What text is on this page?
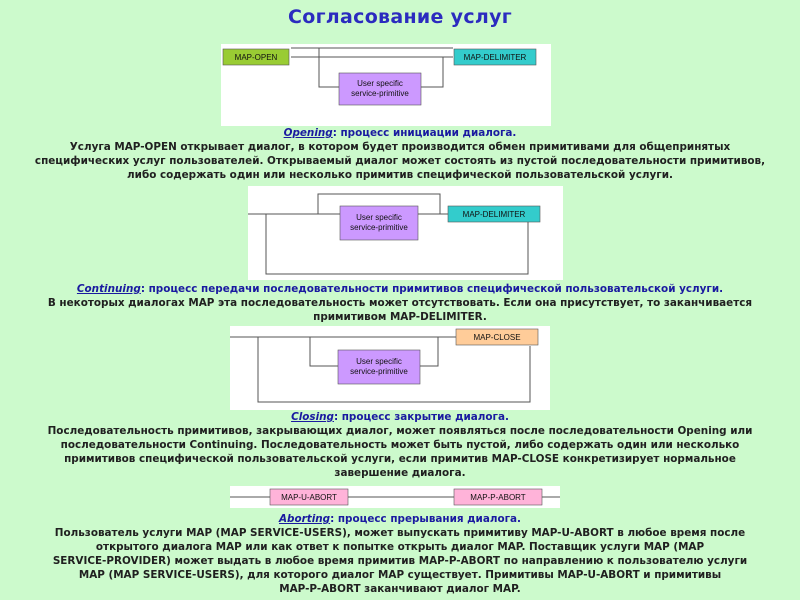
Согласование услуг
MAP-OPEN	MAP-DELIMITER
User specific
service-primitive
Opening: процесс инициации диалога.
Услуга MAP-OPEN открывает диалог, в котором будет производится обмен примитивами для общепринятых
специфических услуг пользователей. Открываемый диалог может состоять из пустой последовательности примитивов,
либо содержать один или несколько примитив специфической пользовательской услуги.
User specific
service-primitive
MAP-DELIMITER
Continuing: процесс передачи последовательности примитивов специфической пользовательской услуги.
В некоторых диалогах MAP эта последовательность может отсутствовать. Если она присутствует, то заканчивается
примитивом MAP-DELIMITER.
MAP-CLOSE
User specific
service-primitive
Closing: процесс закрытие диалога.
Последовательность примитивов, закрывающих диалог, может появляться после последовательности Opening или
последовательности Continuing. Последовательность может быть пустой, либо содержать один или несколько
примитивов специфической пользовательской услуги, если примитив MAP-CLOSE конкретизирует нормальное
завершение диалога.
MAP-U-ABORT	MAP-P-ABORT
Aborting: процесс прерывания диалога.
Пользователь услуги MAP (MAP SERVICE-USERS), может выпускать примитиву MAP-U-ABORT в любое время после
открытого диалога MAP или как ответ к попытке открыть диалог MAP. Поставщик услуги MAP (MAP
SERVICE-PROVIDER) может выдать в любое время примитив MAP-P-ABORT по направлению к пользователю услуги
MAP (MAP SERVICE-USERS), для которого диалог MAP существует. Примитивы MAP-U-ABORT и примитивы
MAP-P-ABORT заканчивают диалог MAP.
